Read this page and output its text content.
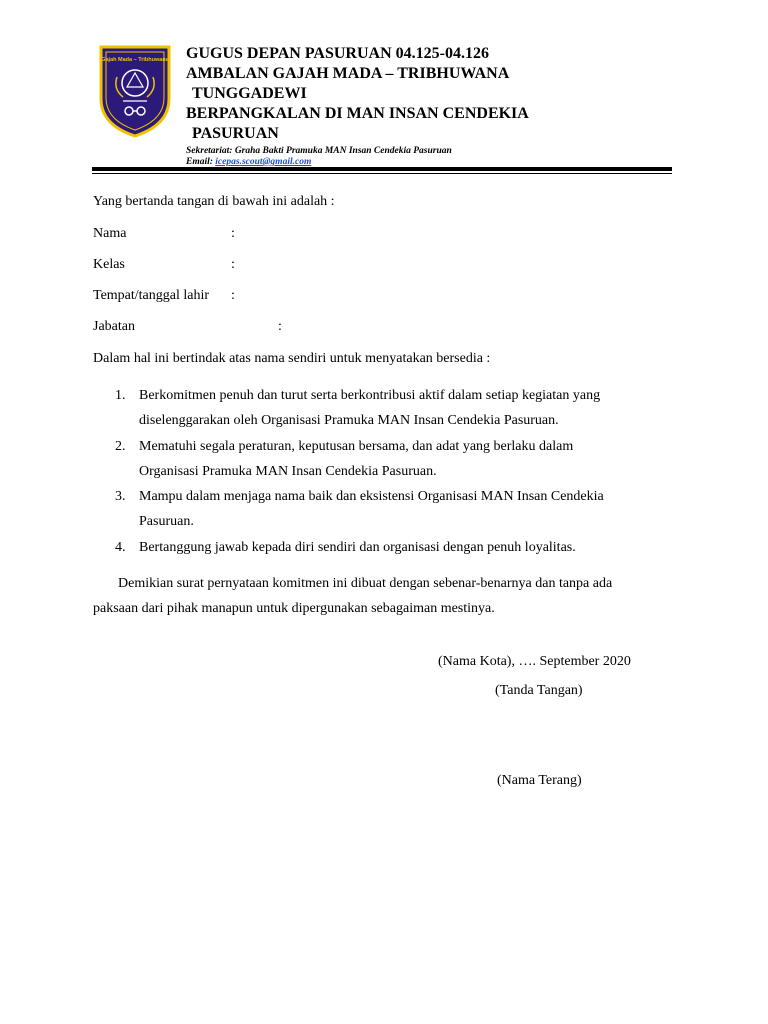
Gajah Mada – Tribhuwana GUGUS DEPAN PASURUAN 04.125-04.126
AMBALAN GAJAH MADA – TRIBHUWANA
TUNGGADEWI
BERPANGKALAN DI MAN INSAN CENDEKIA
PASURUAN
Sekretariat: Graha Bakti Pramuka MAN Insan Cendekia Pasuruan
Email: icepas.scout@gmail.com
Yang bertanda tangan di bawah ini adalah :
Nama	:
Kelas	:
Tempat/tanggal lahir :
Jabatan	:
Dalam hal ini bertindak atas nama sendiri untuk menyatakan bersedia :
1. Berkomitmen penuh dan turut serta berkontribusi aktif dalam setiap kegiatan yang
diselenggarakan oleh Organisasi Pramuka MAN Insan Cendekia Pasuruan.
2. Mematuhi segala peraturan, keputusan bersama, dan adat yang berlaku dalam
Organisasi Pramuka MAN Insan Cendekia Pasuruan.
3. Mampu dalam menjaga nama baik dan eksistensi Organisasi MAN Insan Cendekia
Pasuruan.
4. Bertanggung jawab kepada diri sendiri dan organisasi dengan penuh loyalitas.
Demikian surat pernyataan komitmen ini dibuat dengan sebenar-benarnya dan tanpa ada
paksaan dari pihak manapun untuk dipergunakan sebagaiman mestinya.
(Nama Kota), …. September 2020
(Tanda Tangan)
(Nama Terang)
